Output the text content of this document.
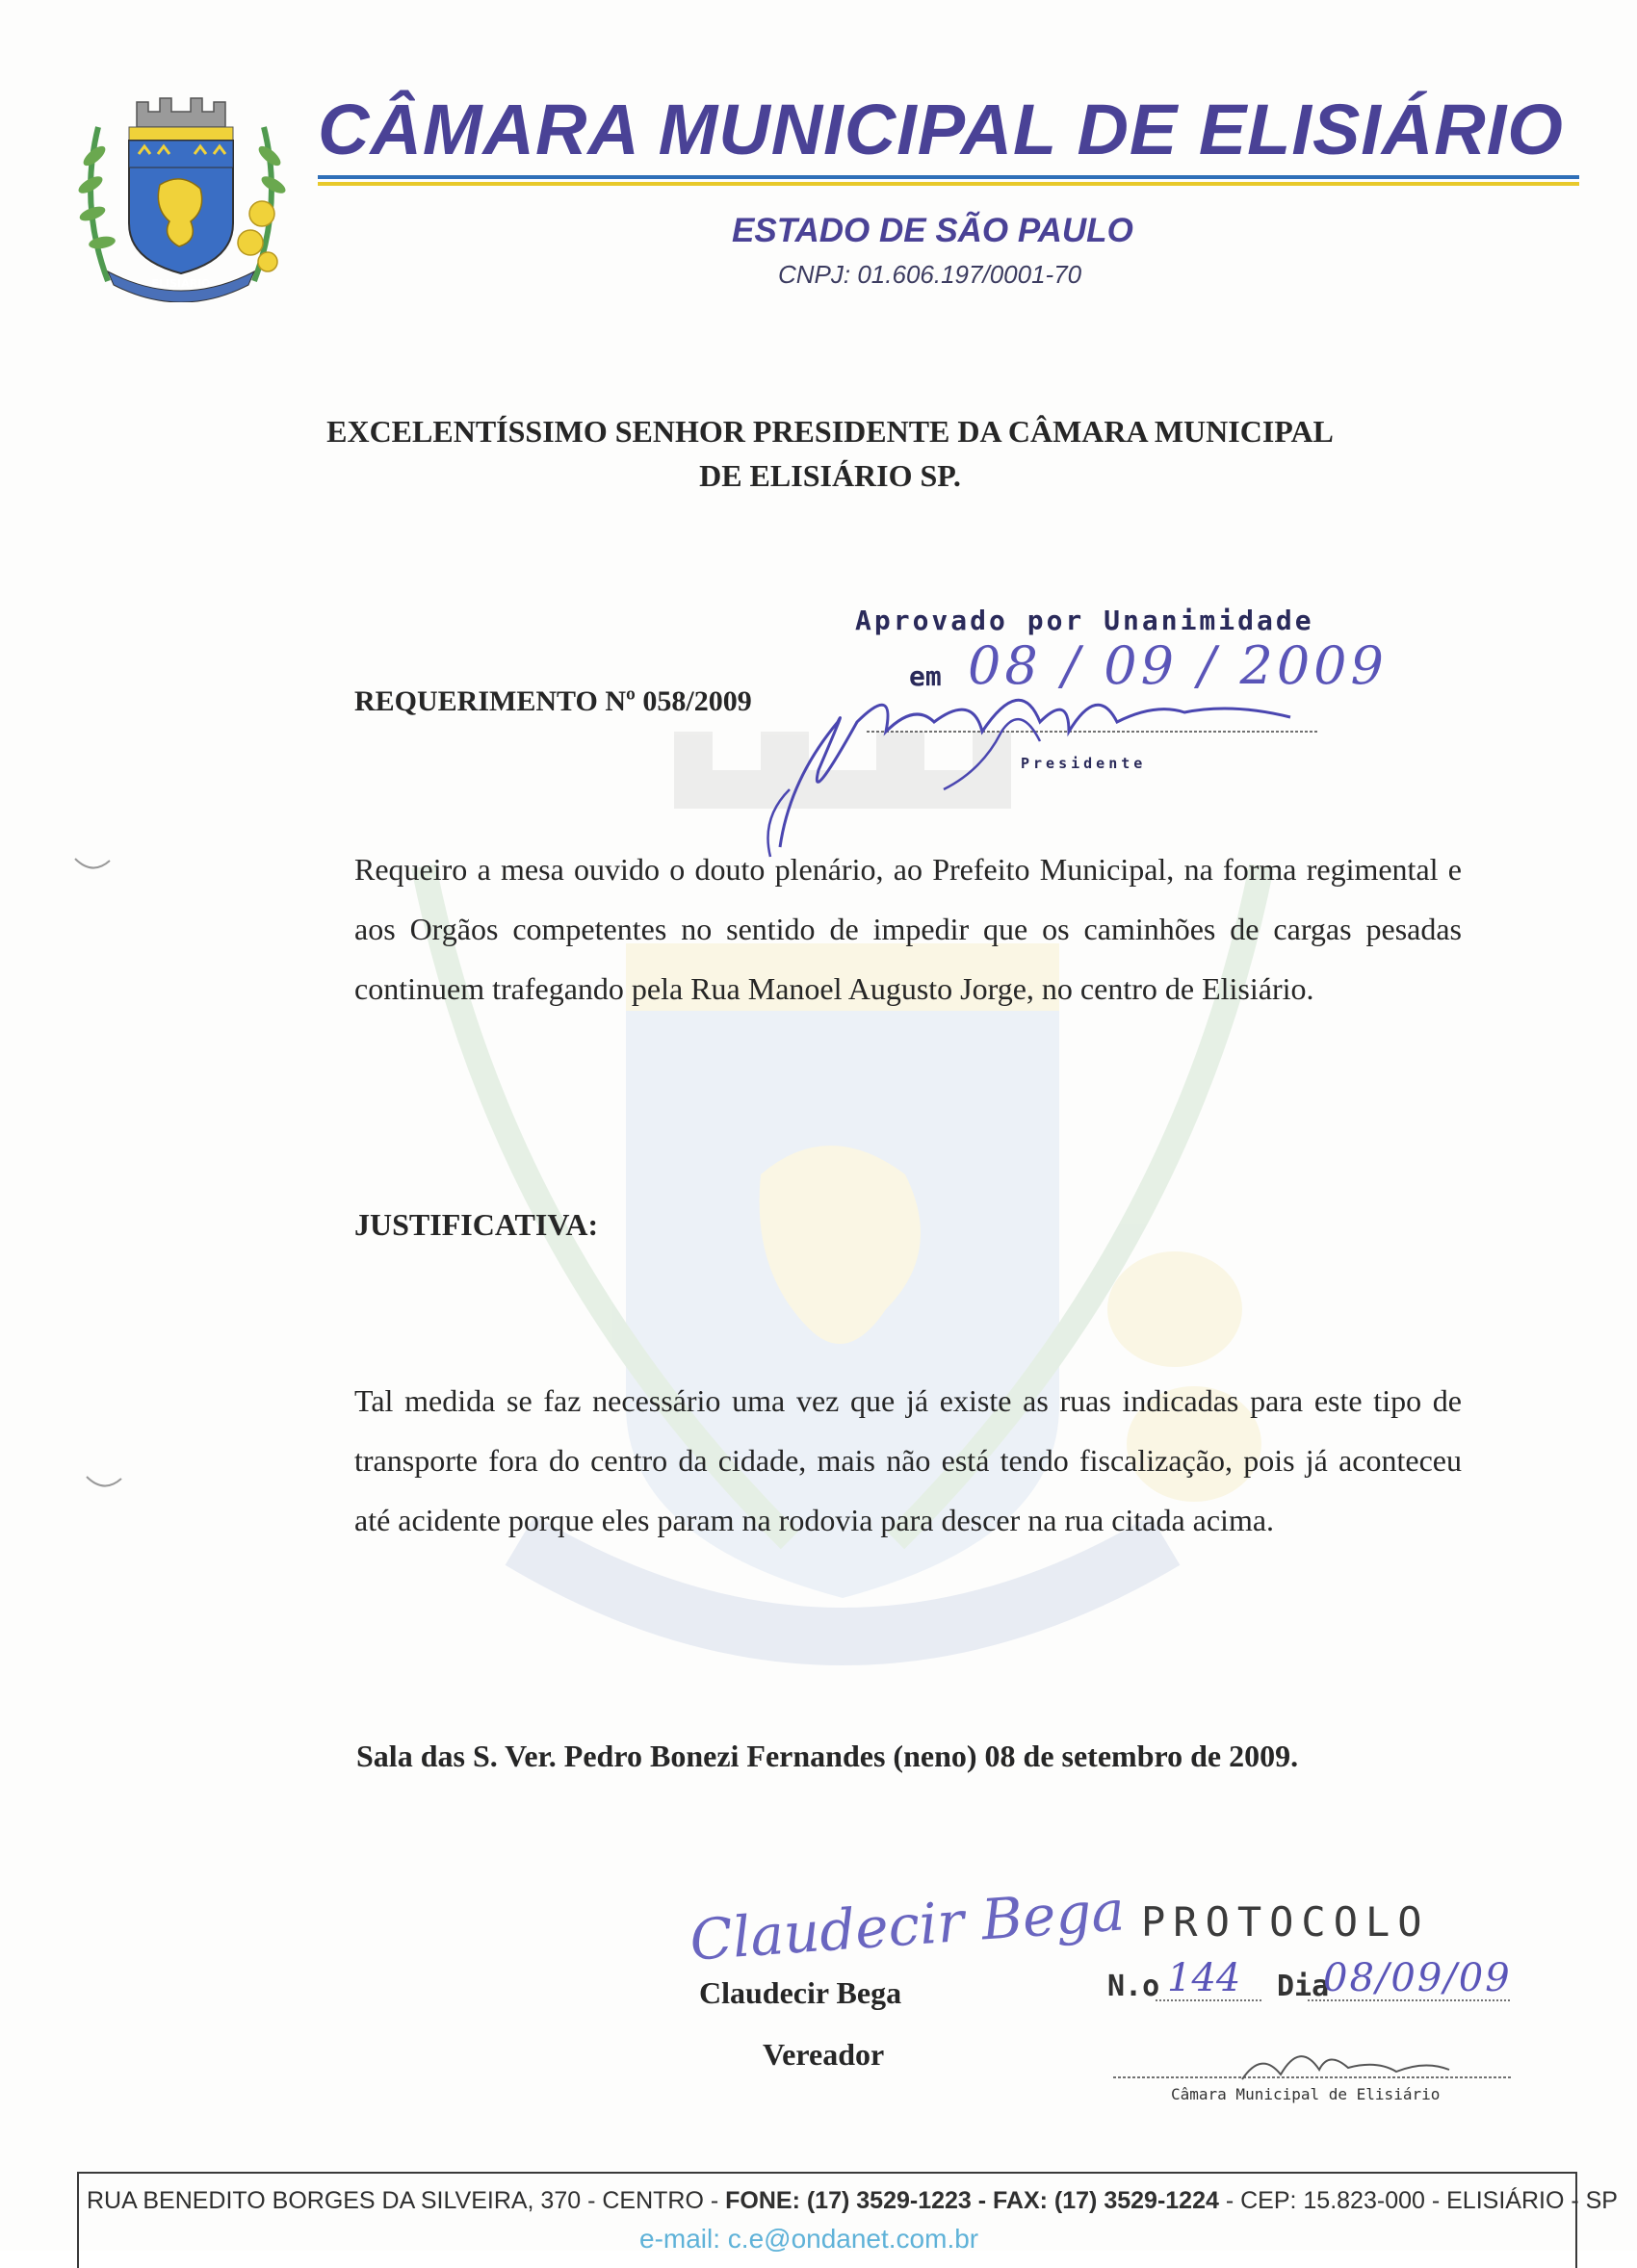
ELISIÁRIO
CÂMARA MUNICIPAL DE ELISIÁRIO
ESTADO DE SÃO PAULO
CNPJ: 01.606.197/0001-70
EXCELENTÍSSIMO SENHOR PRESIDENTE DA CÂMARA MUNICIPAL
DE ELISIÁRIO SP.
Aprovado por Unanimidade
em 08 / 09 / 2009
Presidente
REQUERIMENTO Nº 058/2009
Requeiro a mesa ouvido o douto plenário, ao Prefeito Municipal, na forma regimental e aos Orgãos competentes no sentido de impedir que os caminhões de cargas pesadas continuem trafegando pela Rua Manoel Augusto Jorge, no centro de Elisiário.
JUSTIFICATIVA:
Tal medida se faz necessário uma vez que já existe as ruas indicadas para este tipo de transporte fora do centro da cidade, mais não está tendo fiscalização, pois já aconteceu até acidente porque eles param na rodovia para descer na rua citada acima.
Sala das S. Ver. Pedro Bonezi Fernandes (neno) 08 de setembro de 2009.
Claudecir Bega
Claudecir Bega
Vereador
PROTOCOLO
N.o 144 Dia
08/09/09
Câmara Municipal de Elisiário
RUA BENEDITO BORGES DA SILVEIRA, 370 - CENTRO - FONE: (17) 3529-1223 - FAX: (17) 3529-1224 - CEP: 15.823-000 - ELISIÁRIO - SP
e-mail: c.e@ondanet.com.br
